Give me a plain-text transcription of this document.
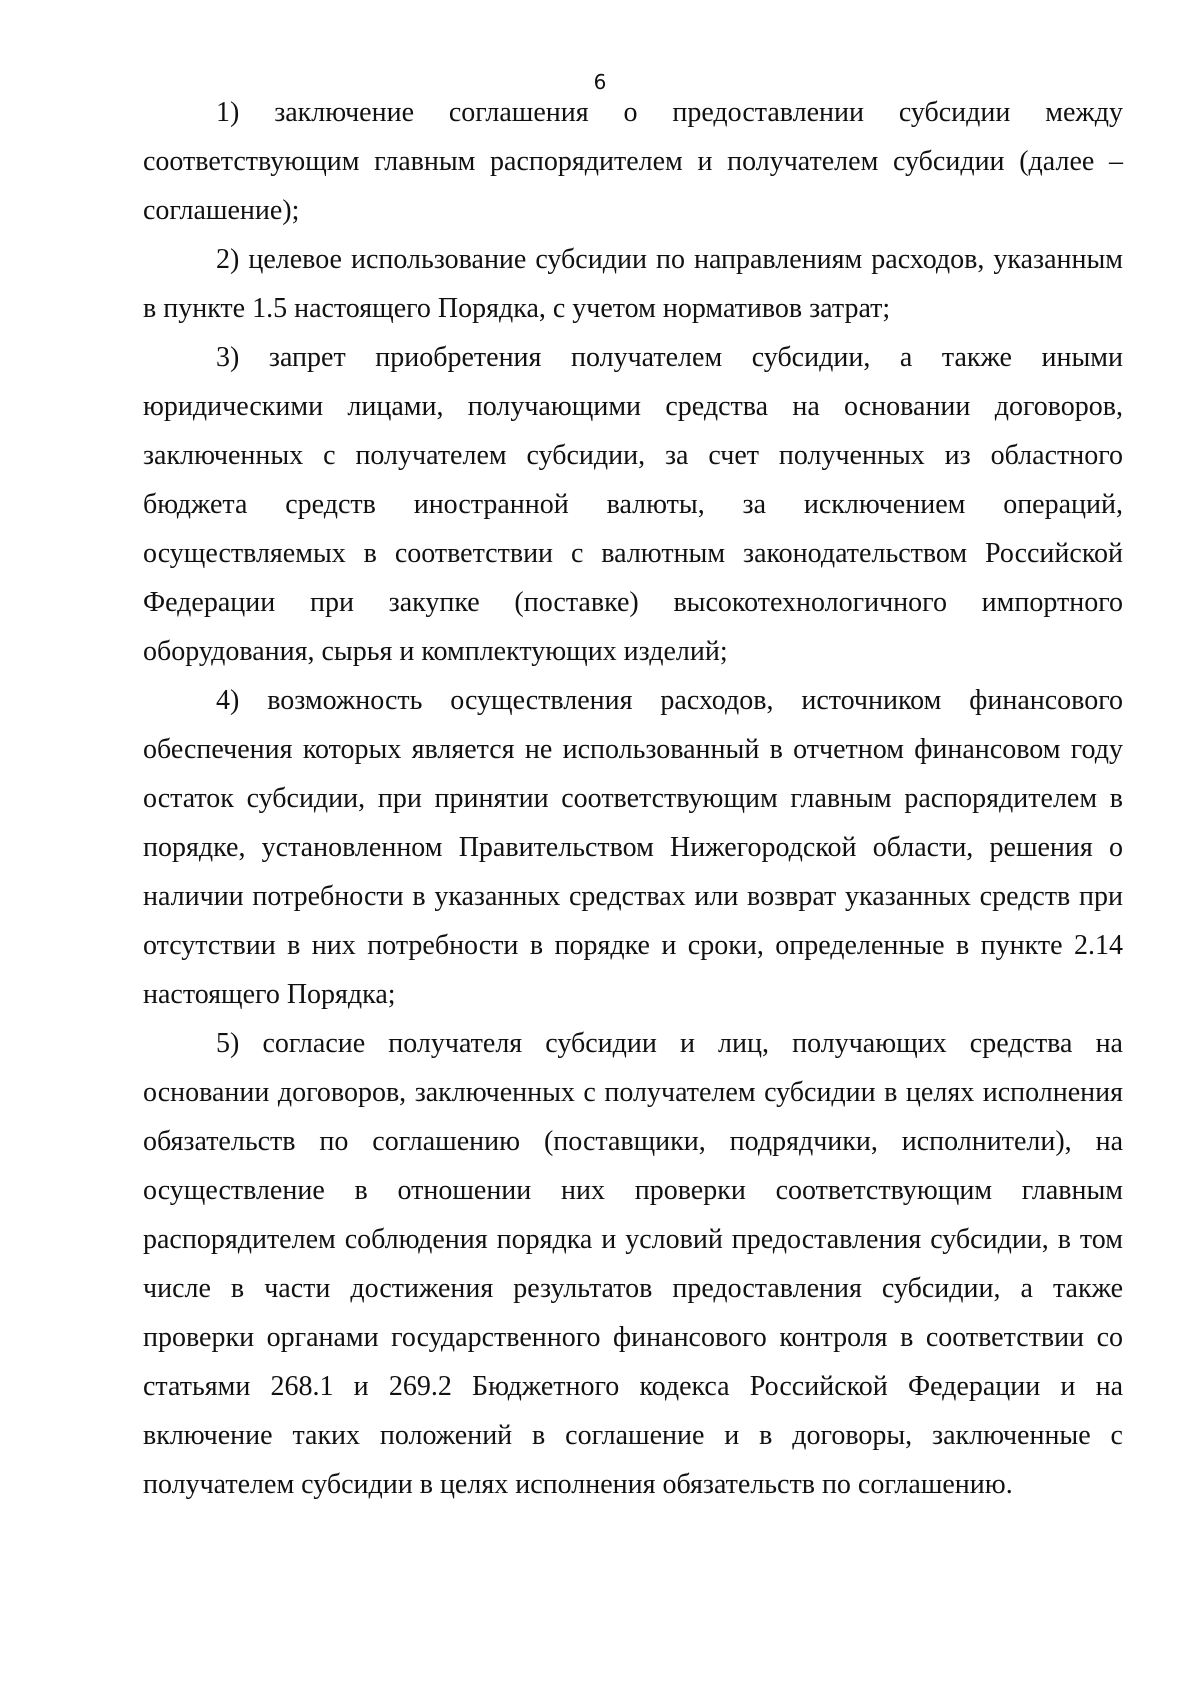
6

1) заключение соглашения о предоставлении субсидии между соответствующим главным распорядителем и получателем субсидии (далее – соглашение);

2) целевое использование субсидии по направлениям расходов, указанным в пункте 1.5 настоящего Порядка, с учетом нормативов затрат;

3) запрет приобретения получателем субсидии, а также иными юридическими лицами, получающими средства на основании договоров, заключенных с получателем субсидии, за счет полученных из областного бюджета средств иностранной валюты, за исключением операций, осуществляемых в соответствии с валютным законодательством Российской Федерации при закупке (поставке) высокотехнологичного импортного оборудования, сырья и комплектующих изделий;

4) возможность осуществления расходов, источником финансового обеспечения которых является не использованный в отчетном финансовом году остаток субсидии, при принятии соответствующим главным распорядителем в порядке, установленном Правительством Нижегородской области, решения о наличии потребности в указанных средствах или возврат указанных средств при отсутствии в них потребности в порядке и сроки, определенные в пункте 2.14 настоящего Порядка;

5) согласие получателя субсидии и лиц, получающих средства на основании договоров, заключенных с получателем субсидии в целях исполнения обязательств по соглашению (поставщики, подрядчики, исполнители), на осуществление в отношении них проверки соответствующим главным распорядителем соблюдения порядка и условий предоставления субсидии, в том числе в части достижения результатов предоставления субсидии, а также проверки органами государственного финансового контроля в соответствии со статьями 268.1 и 269.2 Бюджетного кодекса Российской Федерации и на включение таких положений в соглашение и в договоры, заключенные с получателем субсидии в целях исполнения обязательств по соглашению.
